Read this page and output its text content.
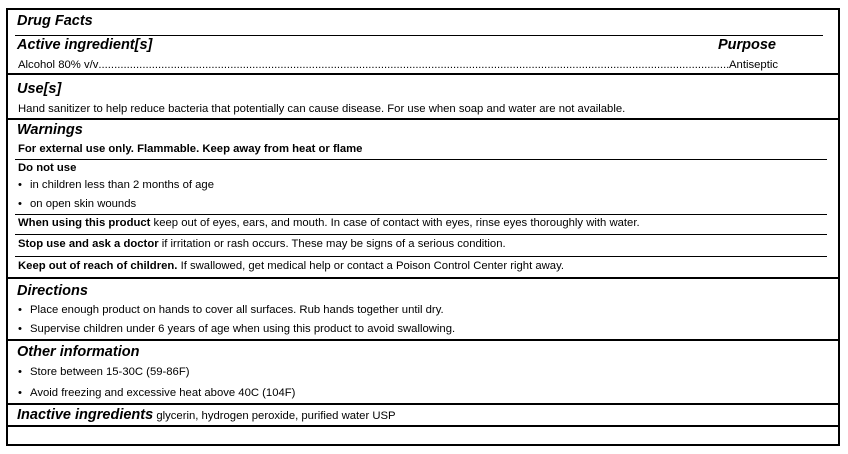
Drug Facts
Active ingredient[s]	Purpose
Alcohol 80% v/v
.....	Antiseptic
Use[s]
Hand sanitizer to help reduce bacteria that potentially can cause disease. For use when soap and water are not available.
Warnings
For external use only. Flammable. Keep away from heat or flame
Do not use
• in children less than 2 months of age
• on open skin wounds
When using this product keep out of eyes, ears, and mouth. In case of contact with eyes, rinse eyes thoroughly with water.
Stop use and ask a doctor if irritation or rash occurs. These may be signs of a serious condition.
Keep out of reach of children. If swallowed, get medical help or contact a Poison Control Center right away.
Directions
• Place enough product on hands to cover all surfaces. Rub hands together until dry.
• Supervise children under 6 years of age when using this product to avoid swallowing.
Other information
• Store between 15-30C (59-86F)
• Avoid freezing and excessive heat above 40C (104F)
Inactive ingredients glycerin, hydrogen peroxide, purified water USP
